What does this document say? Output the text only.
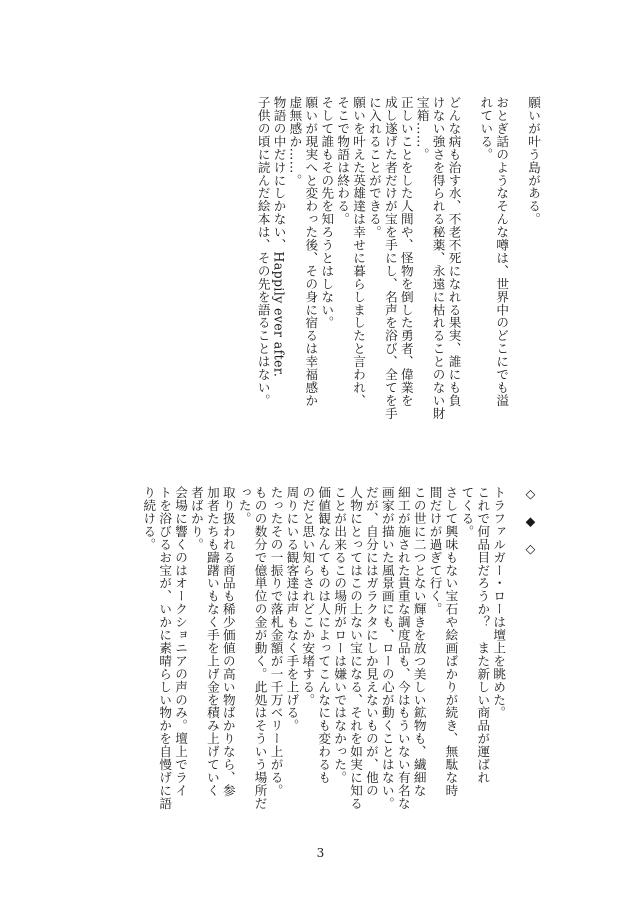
願いが叶う島がある。

おとぎ話のようなそんな噂は、世界中のどこにでも溢

れている。

どんな病も治す水、不老不死になれる果実、誰にも負

けない強さを得られる秘薬、永遠に枯れることのない財

宝箱……。

正しいことをした人間や、怪物を倒した勇者、偉業を

成し遂げた者だけが宝を手にし、名声を浴び、全てを手

に入れることができる。

願いを叶えた英雄達は幸せに暮らしましたと言われ、

そこで物語は終わる。

そして誰もその先を知ろうとはしない。

願いが現実へと変わった後、その身に宿るは幸福感か

虚無感か……。

物語の中だけにしかない、Happily ever after.

子供の頃に読んだ絵本は、その先を語ることはない。

◇　◆　◇

トラファルガー・ローは壇上を眺めた。

これで何品目だろうか？　また新しい商品が運ばれ

てくる。

さして興味もない宝石や絵画ばかりが続き、無駄な時

間だけが過ぎて行く。

この世に二つとない輝きを放つ美しい鉱物も、繊細な

細工が施された貴重な調度品も、今はもういない有名な

画家が描いた風景画にも、ローの心が動くことはない。

だが、自分にはガラクタにしか見えないものが、他の

人物にとってはこの上ない宝になる、それを如実に知る

ことが出来るこの場所がローは嫌いではなかった。

価値観なんてものは人によってこんなにも変わるも

のだと思い知らされどこか安堵する。

周りにいる観客達は声もなく手を上げる。

たったその一振りで落札金額が一千万ベリー上がる。

ものの数分で億単位の金が動く。此処はそういう場所だ

った。

取り扱われる商品も稀少価値の高い物ばかりなら、参

加者たちも躊躇いもなく手を上げ金を積み上げていく

者ばかり。

会場に響くのはオークショニアの声のみ。壇上でライ

トを浴びるお宝が、いかに素晴らしい物かを自慢げに語

り続ける。

3
